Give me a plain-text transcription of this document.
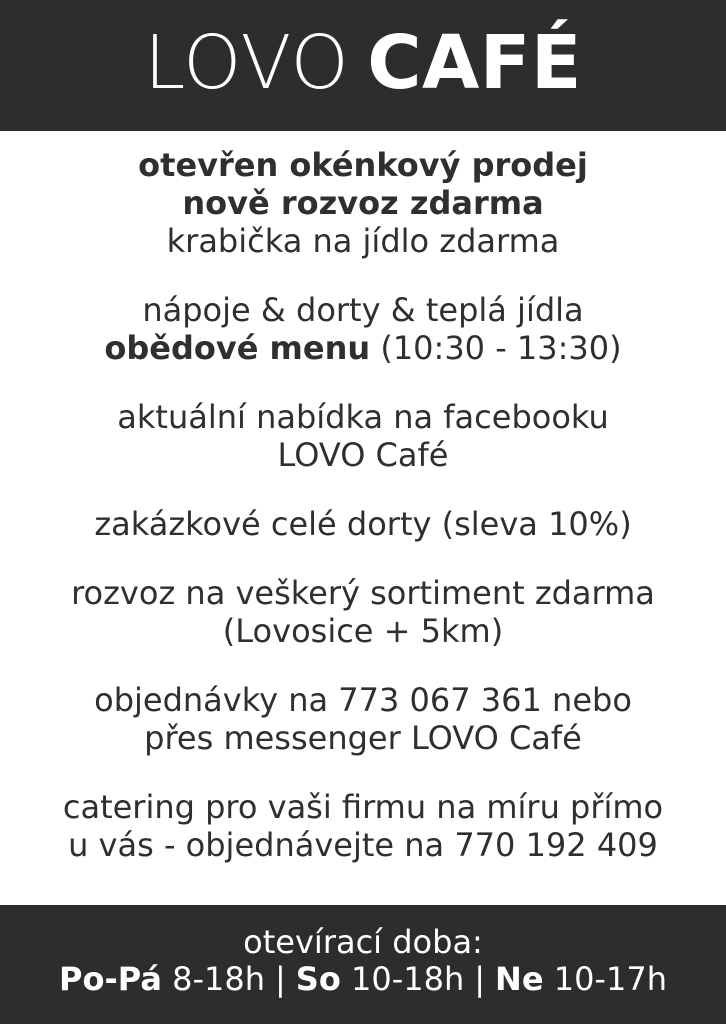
LOVO CAFÉ
otevřen okénkový prodej
nově rozvoz zdarma
krabička na jídlo zdarma
nápoje & dorty & teplá jídla
obědové menu (10:30 - 13:30)
aktuální nabídka na facebooku
LOVO Café
zakázkové celé dorty (sleva 10%)
rozvoz na veškerý sortiment zdarma
(Lovosice + 5km)
objednávky na 773 067 361 nebo
přes messenger LOVO Café
catering pro vaši firmu na míru přímo
u vás - objednávejte na 770 192 409
otevírací doba:
Po-Pá 8-18h | So 10-18h | Ne 10-17h
